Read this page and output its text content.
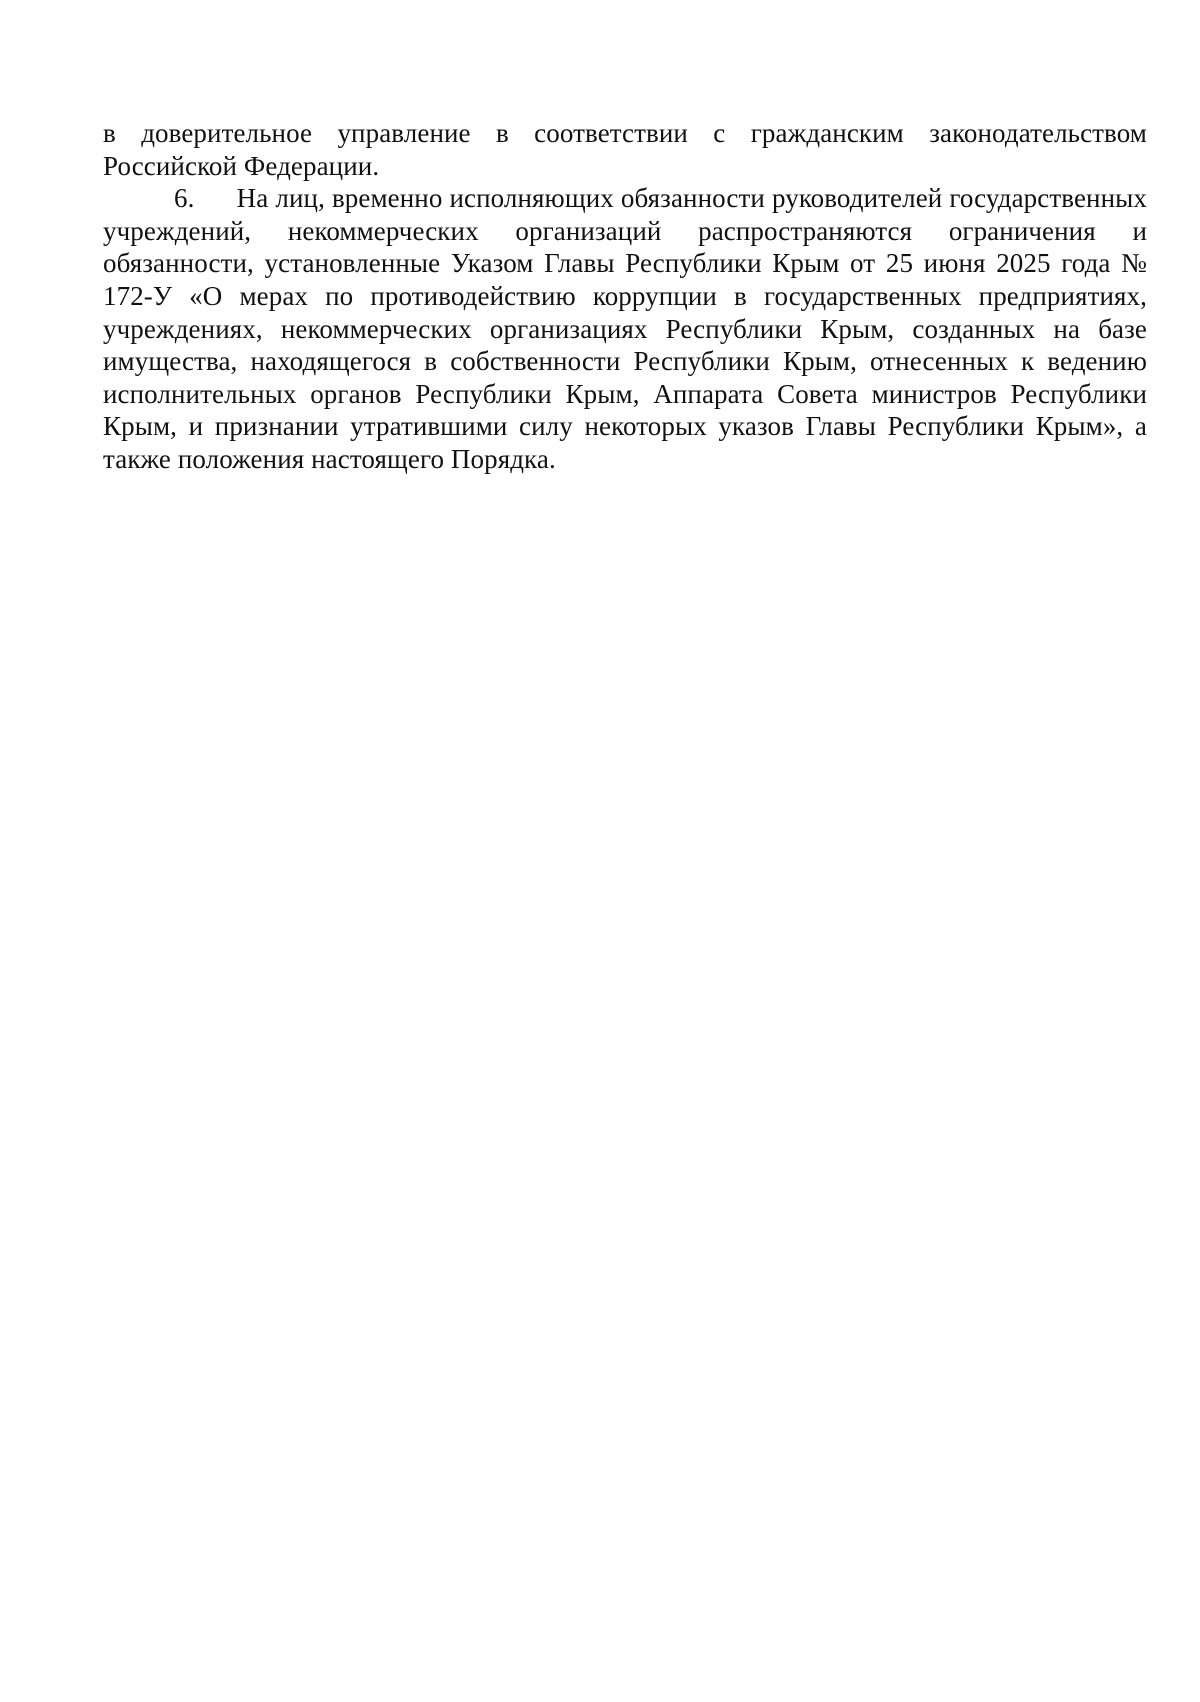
в доверительное управление в соответствии с гражданским законодательством Российской Федерации.

6. На лиц, временно исполняющих обязанности руководителей государственных учреждений, некоммерческих организаций распространяются ограничения и обязанности, установленные Указом Главы Республики Крым от 25 июня 2025 года № 172-У «О мерах по противодействию коррупции в государственных предприятиях, учреждениях, некоммерческих организациях Республики Крым, созданных на базе имущества, находящегося в собственности Республики Крым, отнесенных к ведению исполнительных органов Республики Крым, Аппарата Совета министров Республики Крым, и признании утратившими силу некоторых указов Главы Республики Крым», а также положения настоящего Порядка.
